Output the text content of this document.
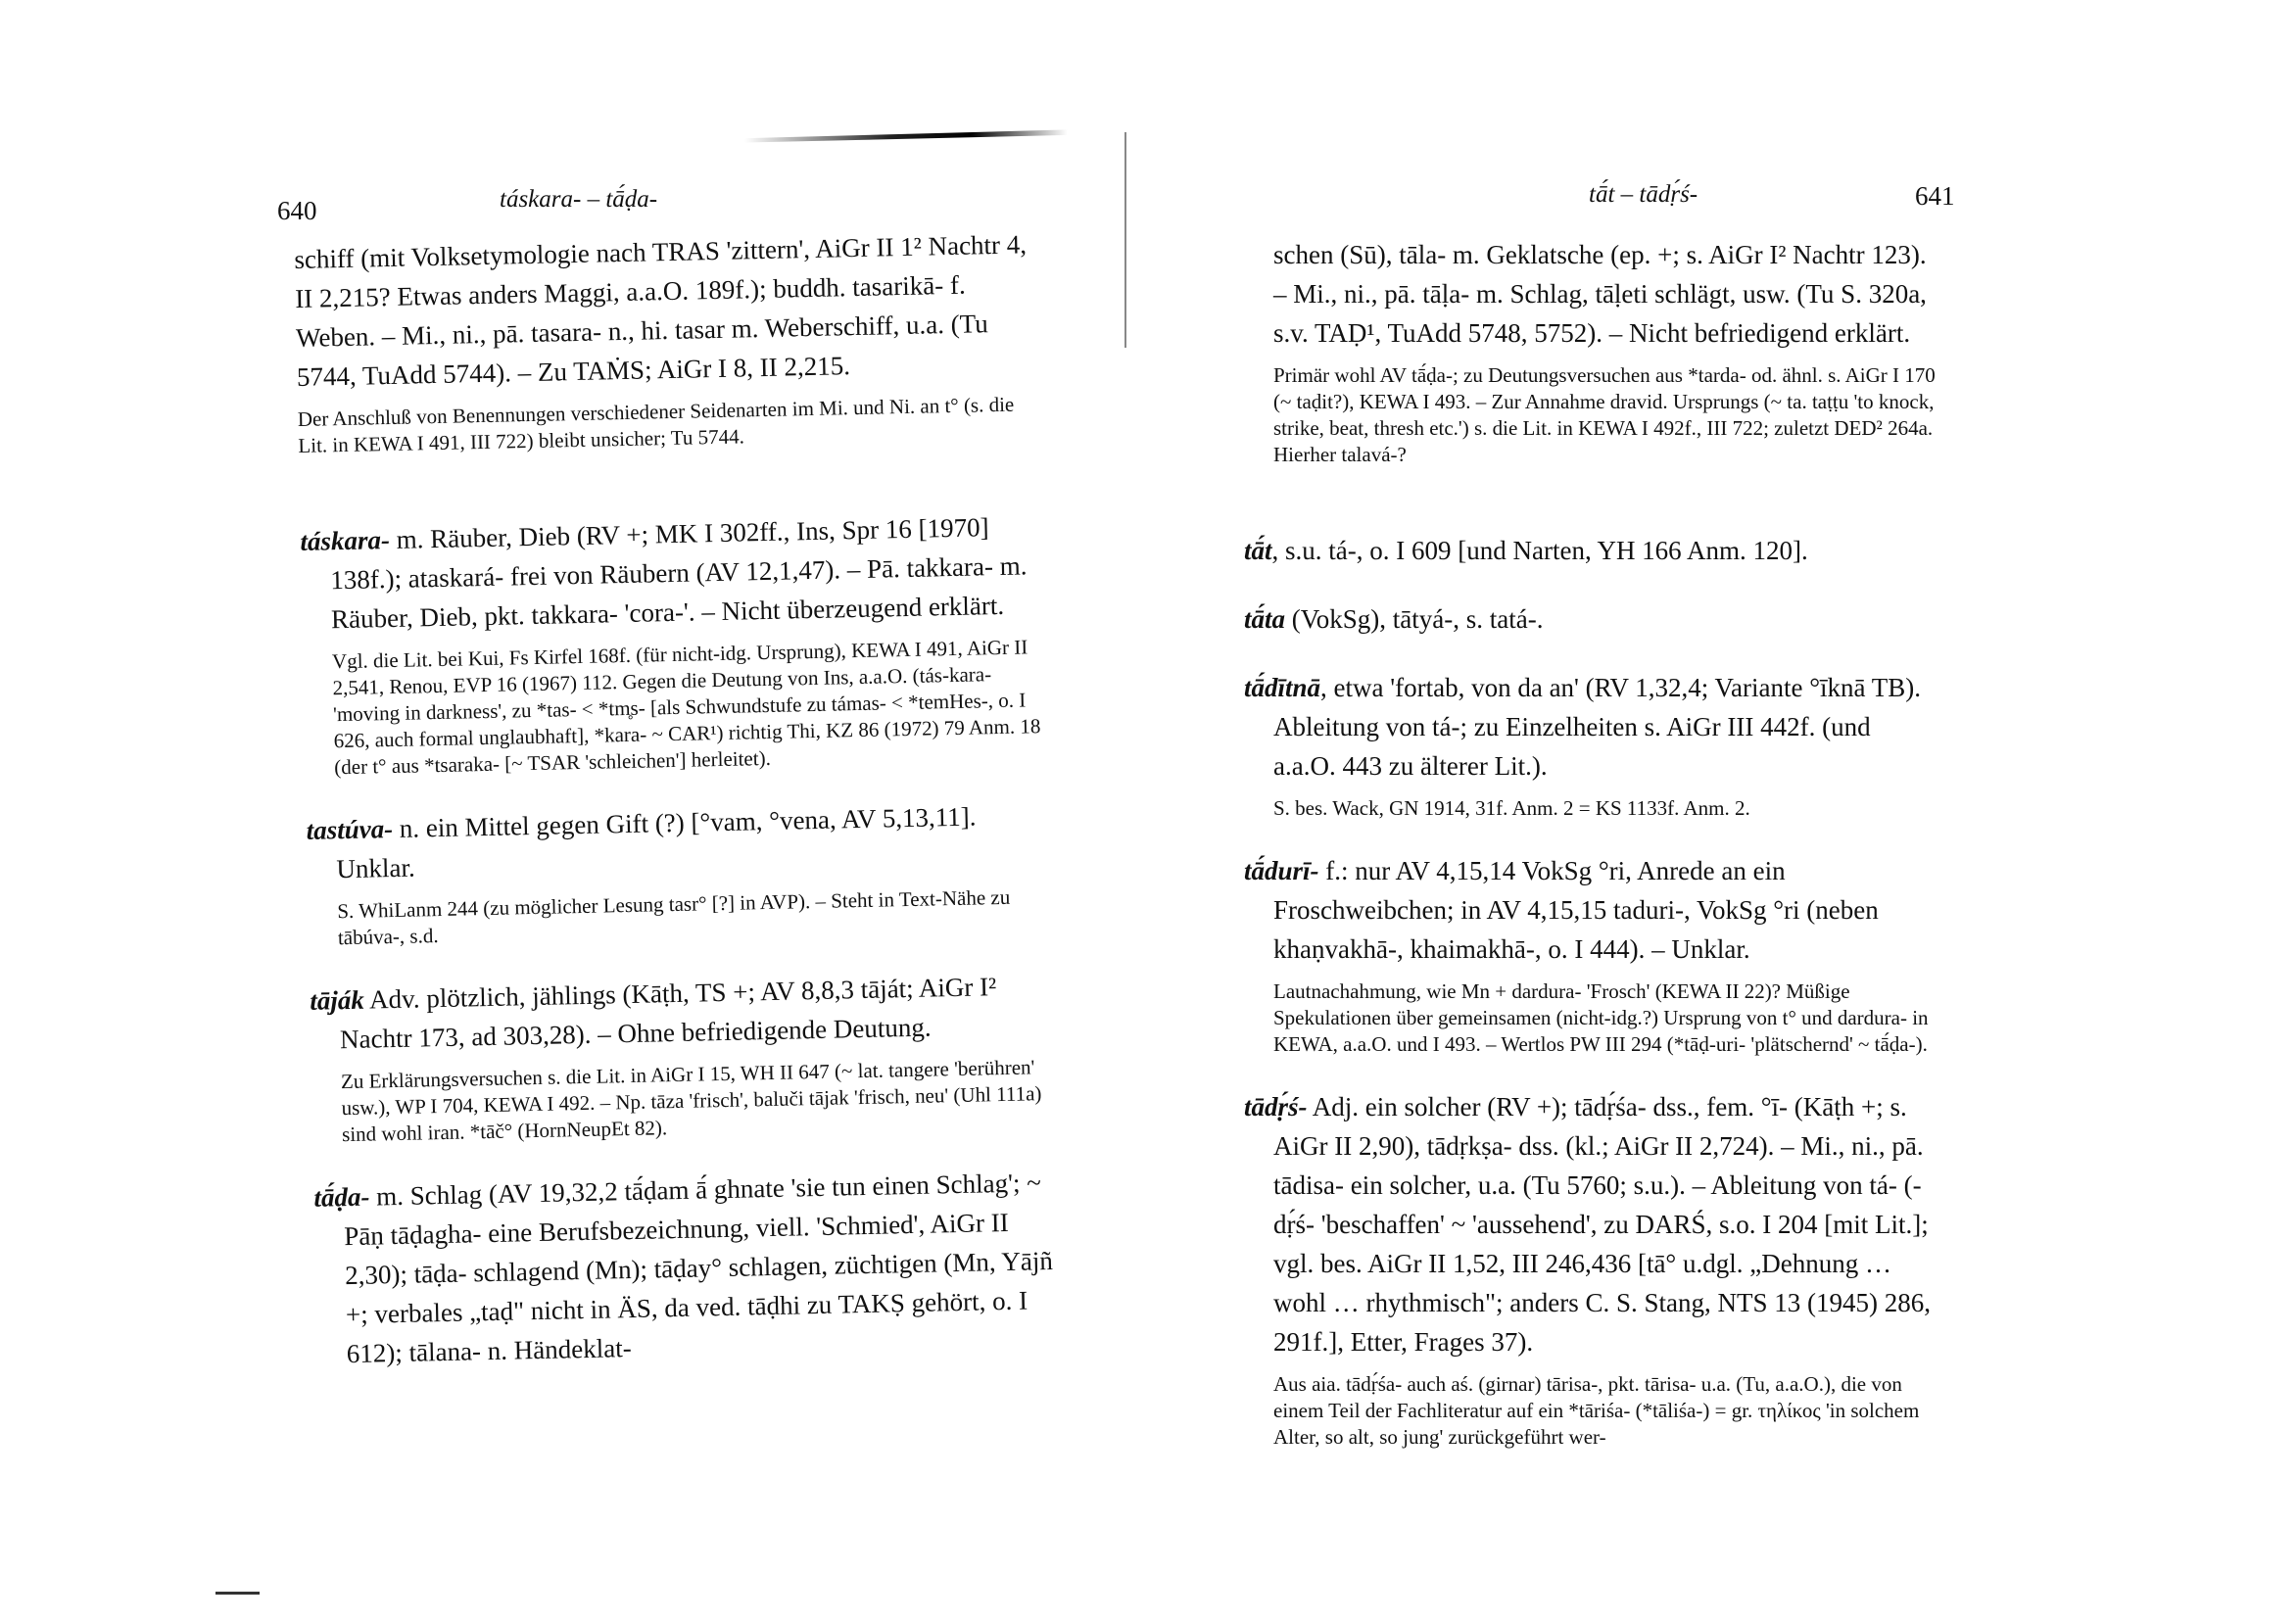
640	táskara- – tā́ḍa-

schiff (mit Volksetymologie nach TRAS 'zittern', AiGr II 1² Nachtr 4, II 2,215? Etwas anders Maggi, a.a.O. 189f.); buddh. tasarikā- f. Weben. – Mi., ni., pā. tasara- n., hi. tasar m. Weberschiff, u.a. (Tu 5744, TuAdd 5744). – Zu TAṀS; AiGr I 8, II 2,215.

Der Anschluß von Benennungen verschiedener Seidenarten im Mi. und Ni. an t° (s. die Lit. in KEWA I 491, III 722) bleibt unsicher; Tu 5744.

táskara- m. Räuber, Dieb (RV +; MK I 302ff., Ins, Spr 16 [1970] 138f.); ataskará- frei von Räubern (AV 12,1,47). – Pā. takkara- m. Räuber, Dieb, pkt. takkara- 'cora-'. – Nicht überzeugend erklärt.

Vgl. die Lit. bei Kui, Fs Kirfel 168f. (für nicht-idg. Ursprung), KEWA I 491, AiGr II 2,541, Renou, EVP 16 (1967) 112. Gegen die Deutung von Ins, a.a.O. (tás-kara- 'moving in darkness', zu *tas- < *tm̥s- [als Schwundstufe zu támas- < *temHes-, o. I 626, auch formal unglaubhaft], *kara- ~ CAR¹) richtig Thi, KZ 86 (1972) 79 Anm. 18 (der t° aus *tsaraka- [~ TSAR 'schleichen'] herleitet).

tastúva- n. ein Mittel gegen Gift (?) [°vam, °vena, AV 5,13,11]. Unklar.

S. WhiLanm 244 (zu möglicher Lesung tasr° [?] in AVP). – Steht in Text-Nähe zu tābúva-, s.d.

tāják Adv. plötzlich, jählings (Kāṭh, TS +; AV 8,8,3 tāját; AiGr I² Nachtr 173, ad 303,28). – Ohne befriedigende Deutung.

Zu Erklärungsversuchen s. die Lit. in AiGr I 15, WH II 647 (~ lat. tangere 'berühren' usw.), WP I 704, KEWA I 492. – Np. tāza 'frisch', baluči tājak 'frisch, neu' (Uhl 111a) sind wohl iran. *tāč° (HornNeupEt 82).

tā́ḍa- m. Schlag (AV 19,32,2 tā́ḍam ā́ ghnate 'sie tun einen Schlag'; ~ Pāṇ tāḍagha- eine Berufsbezeichnung, viell. 'Schmied', AiGr II 2,30); tāḍa- schlagend (Mn); tāḍay° schlagen, züchtigen (Mn, Yājñ +; verbales „taḍ" nicht in ÄS, da ved. tāḍhi zu TAKṢ gehört, o. I 612); tālana- n. Händeklat-

tā́t – tādṛ́ś-	641

schen (Sū), tāla- m. Geklatsche (ep. +; s. AiGr I² Nachtr 123). – Mi., ni., pā. tāḷa- m. Schlag, tāḷeti schlägt, usw. (Tu S. 320a, s.v. TAḌ¹, TuAdd 5748, 5752). – Nicht befriedigend erklärt.

Primär wohl AV tā́ḍa-; zu Deutungsversuchen aus *tarda- od. ähnl. s. AiGr I 170 (~ taḍit?), KEWA I 493. – Zur Annahme dravid. Ursprungs (~ ta. taṭṭu 'to knock, strike, beat, thresh etc.') s. die Lit. in KEWA I 492f., III 722; zuletzt DED² 264a. Hierher talavá-?

tā́t, s.u. tá-, o. I 609 [und Narten, YH 166 Anm. 120].

tā́ta (VokSg), tātyá-, s. tatá-.

tā́dītnā, etwa 'fortab, von da an' (RV 1,32,4; Variante °īknā TB). Ableitung von tá-; zu Einzelheiten s. AiGr III 442f. (und a.a.O. 443 zu älterer Lit.).

S. bes. Wack, GN 1914, 31f. Anm. 2 = KS 1133f. Anm. 2.

tā́durī- f.: nur AV 4,15,14 VokSg °ri, Anrede an ein Froschweibchen; in AV 4,15,15 taduri-, VokSg °ri (neben khaṇvakhā-, khaimakhā-, o. I 444). – Unklar.

Lautnachahmung, wie Mn + dardura- 'Frosch' (KEWA II 22)? Müßige Spekulationen über gemeinsamen (nicht-idg.?) Ursprung von t° und dardura- in KEWA, a.a.O. und I 493. – Wertlos PW III 294 (*tāḍ-uri- 'plätschernd' ~ tā́ḍa-).

tādṛ́ś- Adj. ein solcher (RV +); tādṛ́śa- dss., fem. °ī- (Kāṭh +; s. AiGr II 2,90), tādṛkṣa- dss. (kl.; AiGr II 2,724). – Mi., ni., pā. tādisa- ein solcher, u.a. (Tu 5760; s.u.). – Ableitung von tá- (-dṛ́ś- 'beschaffen' ~ 'aussehend', zu DARŚ, s.o. I 204 [mit Lit.]; vgl. bes. AiGr II 1,52, III 246,436 [tā° u.dgl. „Dehnung … wohl … rhythmisch"; anders C. S. Stang, NTS 13 (1945) 286, 291f.], Etter, Frages 37).

Aus aia. tādṛ́śa- auch aś. (girnar) tārisa-, pkt. tārisa- u.a. (Tu, a.a.O.), die von einem Teil der Fachliteratur auf ein *tāriśa- (*tāliśa-) = gr. τηλίκος 'in solchem Alter, so alt, so jung' zurückgeführt wer-
